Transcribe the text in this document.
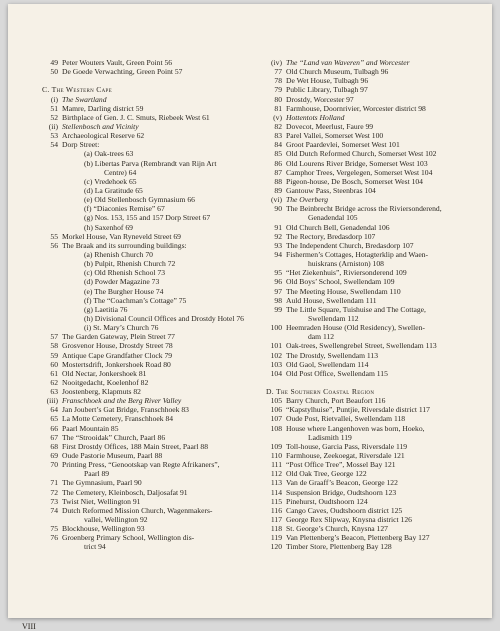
49 Peter Wouters Vault, Green Point 56
50 De Goede Verwachting, Green Point 57
C. The Western Cape
(i) The Swartland
51 Mamre, Darling district 59
52 Birthplace of Gen. J. C. Smuts, Riebeek West 61
(ii) Stellenbosch and Vicinity
53 Archaeological Reserve 62
54 Dorp Street:
(a) Oak-trees 63
(b) Libertas Parva (Rembrandt van Rijn Art
Centre) 64
(c) Vredehoek 65
(d) La Gratitude 65
(e) Old Stellenbosch Gymnasium 66
(f) “Diaconies Remise” 67
(g) Nos. 153, 155 and 157 Dorp Street 67
(h) Saxenhof 69
55 Morkel House, Van Ryneveld Street 69
56 The Braak and its surrounding buildings:
(a) Rhenish Church 70
(b) Pulpit, Rhenish Church 72
(c) Old Rhenish School 73
(d) Powder Magazine 73
(e) The Burgher House 74
(f) The “Coachman’s Cottage” 75
(g) Laetitia 76
(h) Divisional Council Offices and Drostdy Hotel 76
(i) St. Mary’s Church 76
57 The Garden Gateway, Plein Street 77
58 Grosvenor House, Drostdy Street 78
59 Antique Cape Grandfather Clock 79
60 Mostertsdrift, Jonkershoek Road 80
61 Old Nectar, Jonkershoek 81
62 Nooitgedacht, Koelenhof 82
63 Joostenberg, Klapmuts 82
(iii) Franschhoek and the Berg River Valley
64 Jan Joubert’s Gat Bridge, Franschhoek 83
65 La Motte Cemetery, Franschhoek 84
66 Paarl Mountain 85
67 The “Strooidak” Church, Paarl 86
68 First Drostdy Offices, 188 Main Street, Paarl 88
69 Oude Pastorie Museum, Paarl 88
70 Printing Press, “Genootskap van Regte Afrikaners”,
Paarl 89
71 The Gymnasium, Paarl 90
72 The Cemetery, Kleinbosch, Daljosafat 91
73 Twist Niet, Wellington 91
74 Dutch Reformed Mission Church, Wagenmakers-
vallei, Wellington 92
75 Blockhouse, Wellington 93
76 Groenberg Primary School, Wellington dis-
trict 94
(iv) The “Land van Waveren” and Worcester
77 Old Church Museum, Tulbagh 96
78 De Wet House, Tulbagh 96
79 Public Library, Tulbagh 97
80 Drostdy, Worcester 97
81 Farmhouse, Doornrivier, Worcester district 98
(v) Hottentots Holland
82 Dovecot, Meerlust, Faure 99
83 Parel Vallei, Somerset West 100
84 Groot Paardevlei, Somerset West 101
85 Old Dutch Reformed Church, Somerset West 102
86 Old Lourens River Bridge, Somerset West 103
87 Camphor Trees, Vergelegen, Somerset West 104
88 Pigeon-house, De Bosch, Somerset West 104
89 Gantouw Pass, Steenbras 104
(vi) The Overberg
90 The Beinbrecht Bridge across the Riviersonderend,
Genadendal 105
91 Old Church Bell, Genadendal 106
92 The Rectory, Bredasdorp 107
93 The Independent Church, Bredasdorp 107
94 Fishermen’s Cottages, Hotagterklip and Waen-
huiskrans (Arniston) 108
95 “Het Ziekenhuis”, Riviersonderend 109
96 Old Boys’ School, Swellendam 109
97 The Meeting House, Swellendam 110
98 Auld House, Swellendam 111
99 The Little Square, Tuishuise and The Cottage,
Swellendam 112
100 Heemraden House (Old Residency), Swellen-
dam 112
101 Oak-trees, Swellengrebel Street, Swellendam 113
102 The Drostdy, Swellendam 113
103 Old Gaol, Swellendam 114
104 Old Post Office, Swellendam 115
D. The Southern Coastal Region
105 Barry Church, Port Beaufort 116
106 “Kapstylhuise”, Puntjie, Riversdale district 117
107 Oude Post, Rietvallei, Swellendam 118
108 House where Langenhoven was born, Hoeko,
Ladismith 119
109 Toll-house, Garcia Pass, Riversdale 119
110 Farmhouse, Zeekoegat, Riversdale 121
111 “Post Office Tree”, Mossel Bay 121
112 Old Oak Tree, George 122
113 Van de Graaff’s Beacon, George 122
114 Suspension Bridge, Oudtshoorn 123
115 Pinehurst, Oudtshoorn 124
116 Cango Caves, Oudtshoorn district 125
117 George Rex Slipway, Knysna district 126
118 St. George’s Church, Knysna 127
119 Van Plettenberg’s Beacon, Plettenberg Bay 127
120 Timber Store, Plettenberg Bay 128
VIII
